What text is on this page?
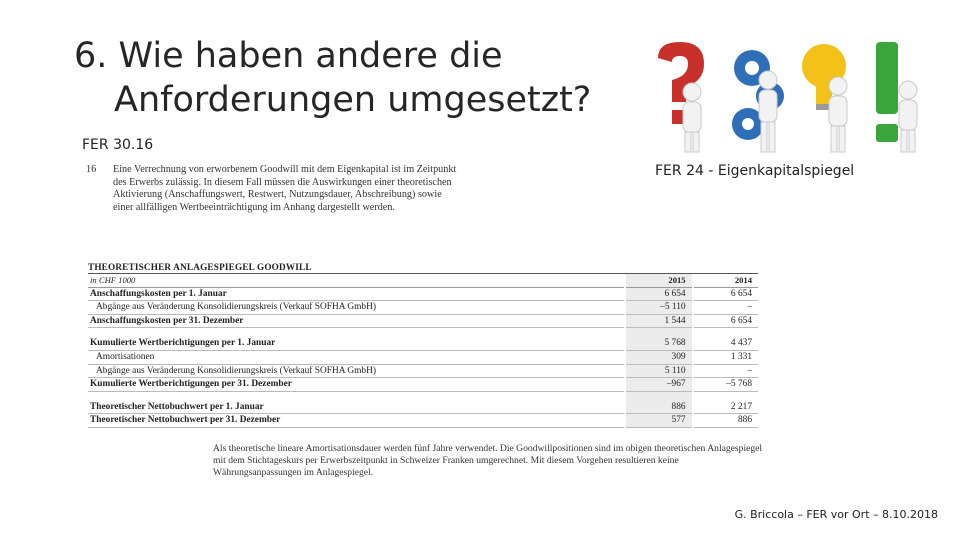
6. Wie haben andere die
Anforderungen umgesetzt?
FER 30.16
16 Eine Verrechnung von erworbenem Goodwill mit dem Eigenkapital ist im Zeitpunkt des Erwerbs zulässig. In diesem Fall müssen die Auswirkungen einer theoretischen Aktivierung (Anschaffungswert, Restwert, Nutzungsdauer, Abschreibung) sowie einer allfälligen Wertbeeinträchtigung im Anhang dargestellt werden.
FER 24 - Eigenkapitalspiegel
THEORETISCHER ANLAGESPIEGEL GOODWILL
in CHF 1000	2015	2014
Anschaffungskosten per 1. Januar	6 654	6 654
Abgänge aus Veränderung Konsolidierungskreis (Verkauf SOFHA GmbH)	–5 110	–
Anschaffungskosten per 31. Dezember	1 544	6 654

Kumulierte Wertberichtigungen per 1. Januar	5 768	4 437
Amortisationen	309	1 331
Abgänge aus Veränderung Konsolidierungskreis (Verkauf SOFHA GmbH)	5 110	–
Kumulierte Wertberichtigungen per 31. Dezember	–967	–5 768

Theoretischer Nettobuchwert per 1. Januar	886	2 217
Theoretischer Nettobuchwert per 31. Dezember	577	886
Als theoretische lineare Amortisationsdauer werden fünf Jahre verwendet. Die Goodwillpositionen sind im obigen theoretischen Anlagespiegel mit dem Stichtageskurs per Erwerbszeitpunkt in Schweizer Franken umgerechnet. Mit diesem Vorgehen resultieren keine Währungsanpassungen im Anlagespiegel.
G. Briccola – FER vor Ort – 8.10.2018
